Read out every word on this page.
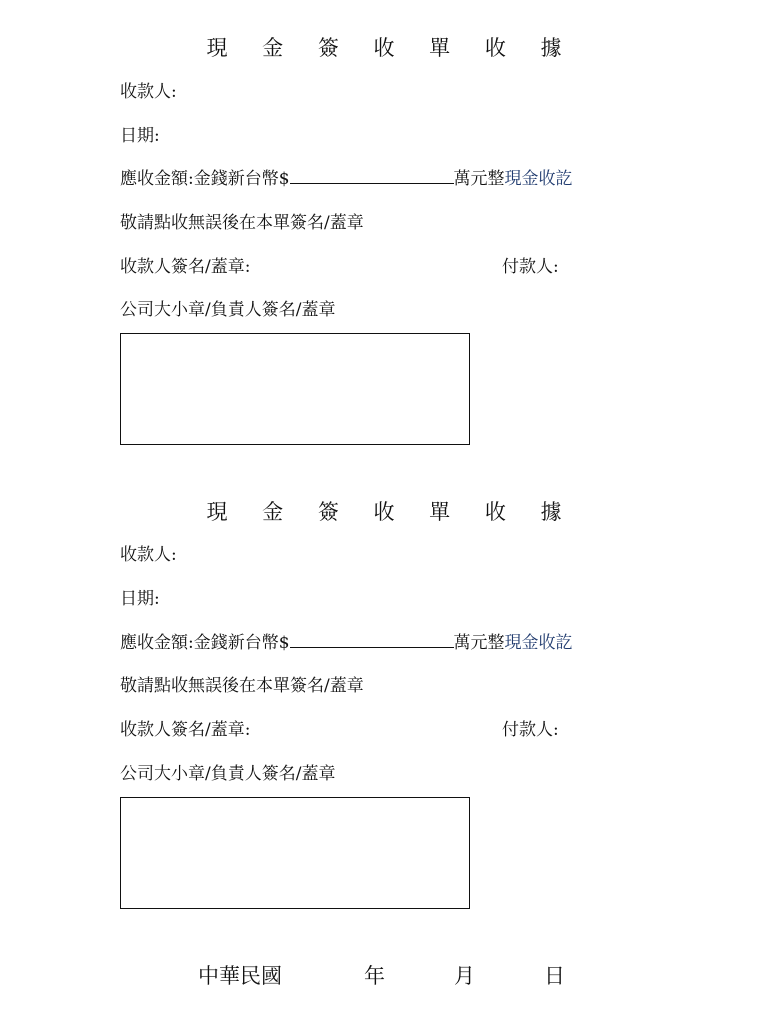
現 金 簽 收 單 收 據
收款人:
日期:
應收金額:金錢新台幣$	萬元整現金收訖
敬請點收無誤後在本單簽名/蓋章
收款人簽名/蓋章:	付款人:
公司大小章/負責人簽名/蓋章
現 金 簽 收 單 收 據
收款人:
日期:
應收金額:金錢新台幣$	萬元整現金收訖
敬請點收無誤後在本單簽名/蓋章
收款人簽名/蓋章:	付款人:
公司大小章/負責人簽名/蓋章
中華民國	年	月	日
